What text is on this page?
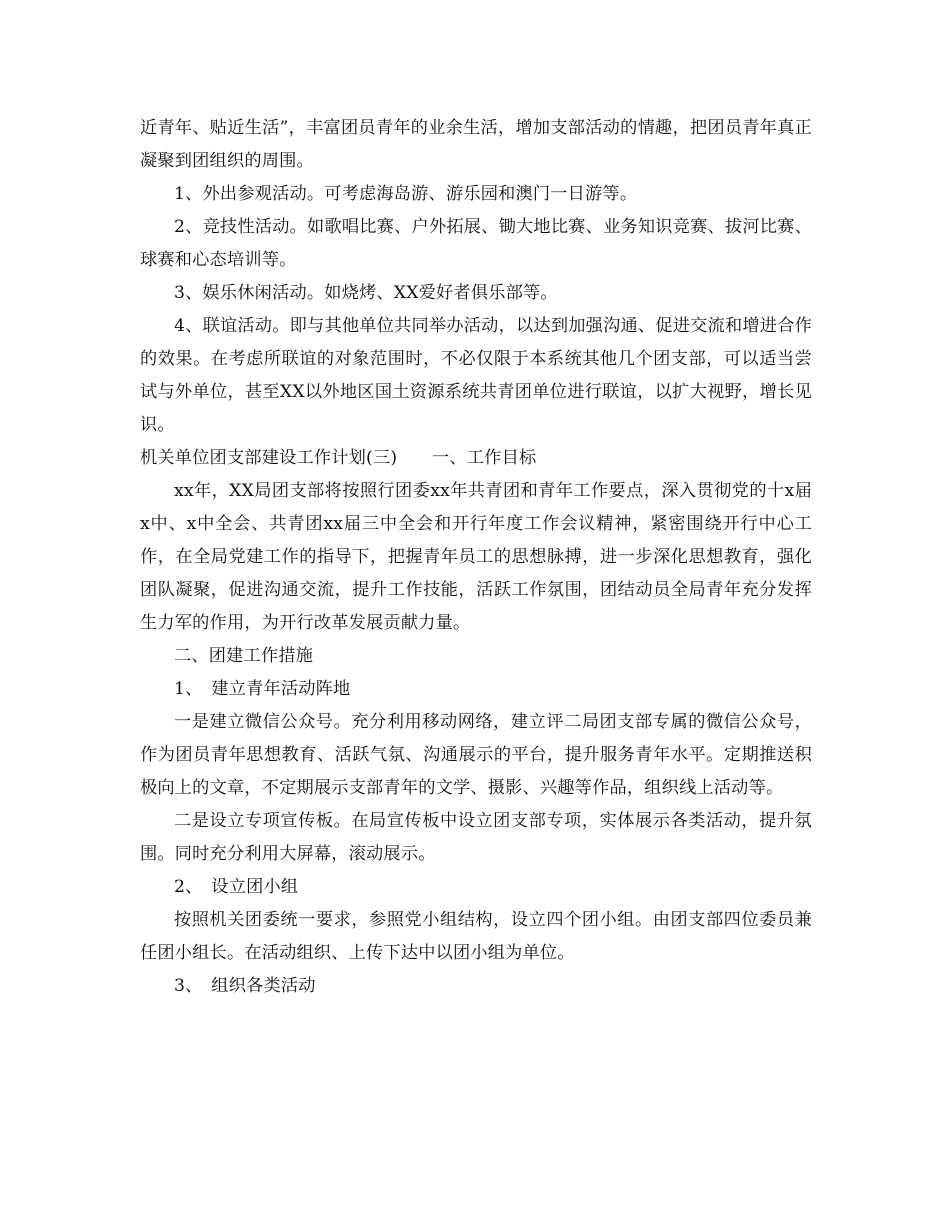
近青年、贴近生活”，丰富团员青年的业余生活，增加支部活动的情趣，把团员青年真正凝聚到团组织的周围。

1、外出参观活动。可考虑海岛游、游乐园和澳门一日游等。

2、竞技性活动。如歌唱比赛、户外拓展、锄大地比赛、业务知识竞赛、拔河比赛、球赛和心态培训等。

3、娱乐休闲活动。如烧烤、XX爱好者俱乐部等。

4、联谊活动。即与其他单位共同举办活动，以达到加强沟通、促进交流和增进合作的效果。在考虑所联谊的对象范围时，不必仅限于本系统其他几个团支部，可以适当尝试与外单位，甚至XX以外地区国土资源系统共青团单位进行联谊，以扩大视野，增长见识。

机关单位团支部建设工作计划(三)　　一、工作目标

xx年，XX局团支部将按照行团委xx年共青团和青年工作要点，深入贯彻党的十x届x中、x中全会、共青团xx届三中全会和开行年度工作会议精神，紧密围绕开行中心工作，在全局党建工作的指导下，把握青年员工的思想脉搏，进一步深化思想教育，强化团队凝聚，促进沟通交流，提升工作技能，活跃工作氛围，团结动员全局青年充分发挥生力军的作用，为开行改革发展贡献力量。

二、团建工作措施

1、　建立青年活动阵地

一是建立微信公众号。充分利用移动网络，建立评二局团支部专属的微信公众号，作为团员青年思想教育、活跃气氛、沟通展示的平台，提升服务青年水平。定期推送积极向上的文章，不定期展示支部青年的文学、摄影、兴趣等作品，组织线上活动等。

二是设立专项宣传板。在局宣传板中设立团支部专项，实体展示各类活动，提升氛围。同时充分利用大屏幕，滚动展示。

2、　设立团小组

按照机关团委统一要求，参照党小组结构，设立四个团小组。由团支部四位委员兼任团小组长。在活动组织、上传下达中以团小组为单位。

3、　组织各类活动
